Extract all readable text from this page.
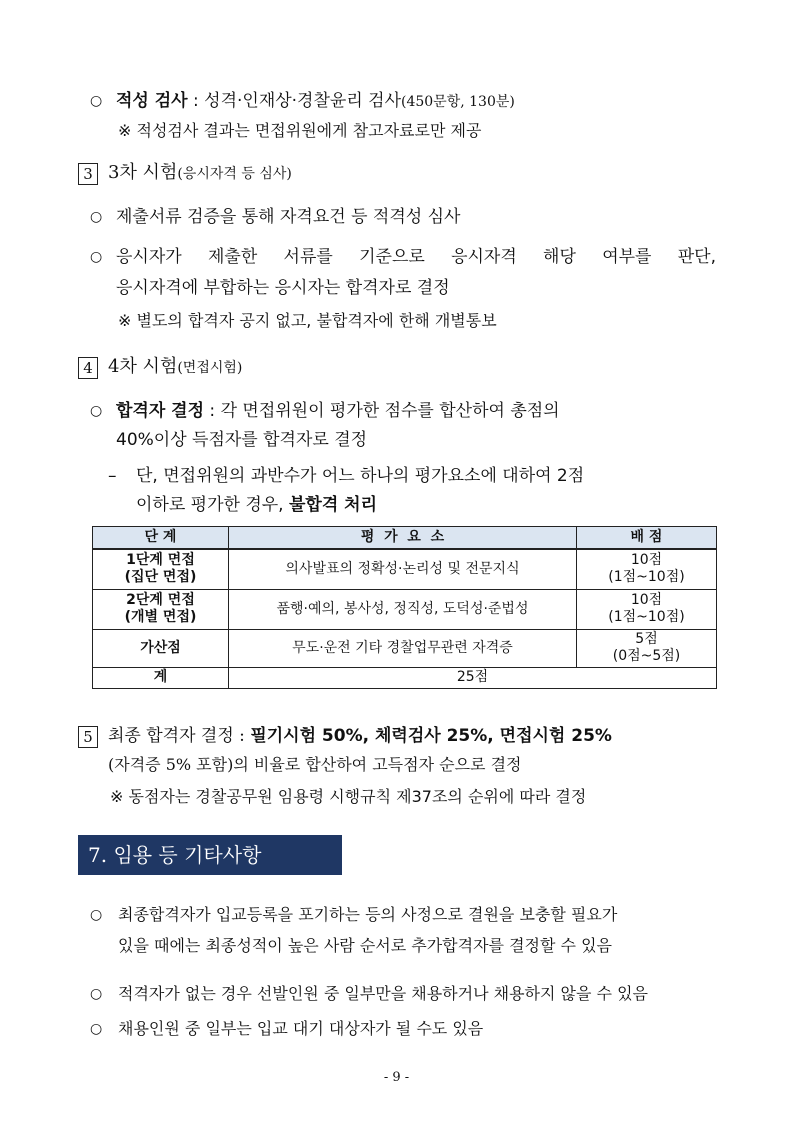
○ 적성 검사 : 성격·인재상·경찰윤리 검사(450문항, 130분)
※ 적성검사 결과는 면접위원에게 참고자료로만 제공
3 3차 시험(응시자격 등 심사)
○ 제출서류 검증을 통해 자격요건 등 적격성 심사
○ 응시자가 제출한 서류를 기준으로 응시자격 해당 여부를 판단,
응시자격에 부합하는 응시자는 합격자로 결정
※ 별도의 합격자 공지 없고, 불합격자에 한해 개별통보
4 4차 시험(면접시험)
○ 합격자 결정 : 각 면접위원이 평가한 점수를 합산하여 총점의
40%이상 득점자를 합격자로 결정
– 단, 면접위원의 과반수가 어느 하나의 평가요소에 대하여 2점
이하로 평가한 경우, 불합격 처리
단 계	평  가  요  소	배 점
1단계 면접
(집단 면접)	의사발표의 정확성·논리성 및 전문지식	10점
(1점~10점)
2단계 면접
(개별 면접)	품행·예의, 봉사성, 정직성, 도덕성·준법성	10점
(1점~10점)
가산점	무도·운전 기타 경찰업무관련 자격증	5점
(0점~5점)
계	25점	
5 최종 합격자 결정 : 필기시험 50%, 체력검사 25%, 면접시험 25%
(자격증 5% 포함)의 비율로 합산하여 고득점자 순으로 결정
※ 동점자는 경찰공무원 임용령 시행규칙 제37조의 순위에 따라 결정
7. 임용 등 기타사항
○ 최종합격자가 입교등록을 포기하는 등의 사정으로 결원을 보충할 필요가
있을 때에는 최종성적이 높은 사람 순서로 추가합격자를 결정할 수 있음
○ 적격자가 없는 경우 선발인원 중 일부만을 채용하거나 채용하지 않을 수 있음
○ 채용인원 중 일부는 입교 대기 대상자가 될 수도 있음
- 9 -
